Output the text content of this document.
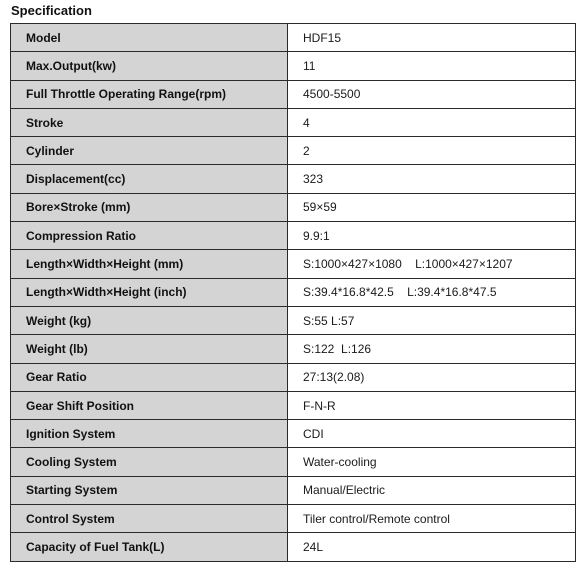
Specification
Model	HDF15
Max.Output(kw)	11
Full Throttle Operating Range(rpm)	4500-5500
Stroke	4
Cylinder	2
Displacement(cc)	323
Bore×Stroke (mm)	59×59
Compression Ratio	9.9:1
Length×Width×Height (mm)	S:1000×427×1080    L:1000×427×1207
Length×Width×Height (inch)	S:39.4*16.8*42.5    L:39.4*16.8*47.5
Weight (kg)	S:55 L:57
Weight (lb)	S:122  L:126
Gear Ratio	27:13(2.08)
Gear Shift Position	F-N-R
Ignition System	CDI
Cooling System	Water-cooling
Starting System	Manual/Electric
Control System	Tiler control/Remote control
Capacity of Fuel Tank(L)	24L
